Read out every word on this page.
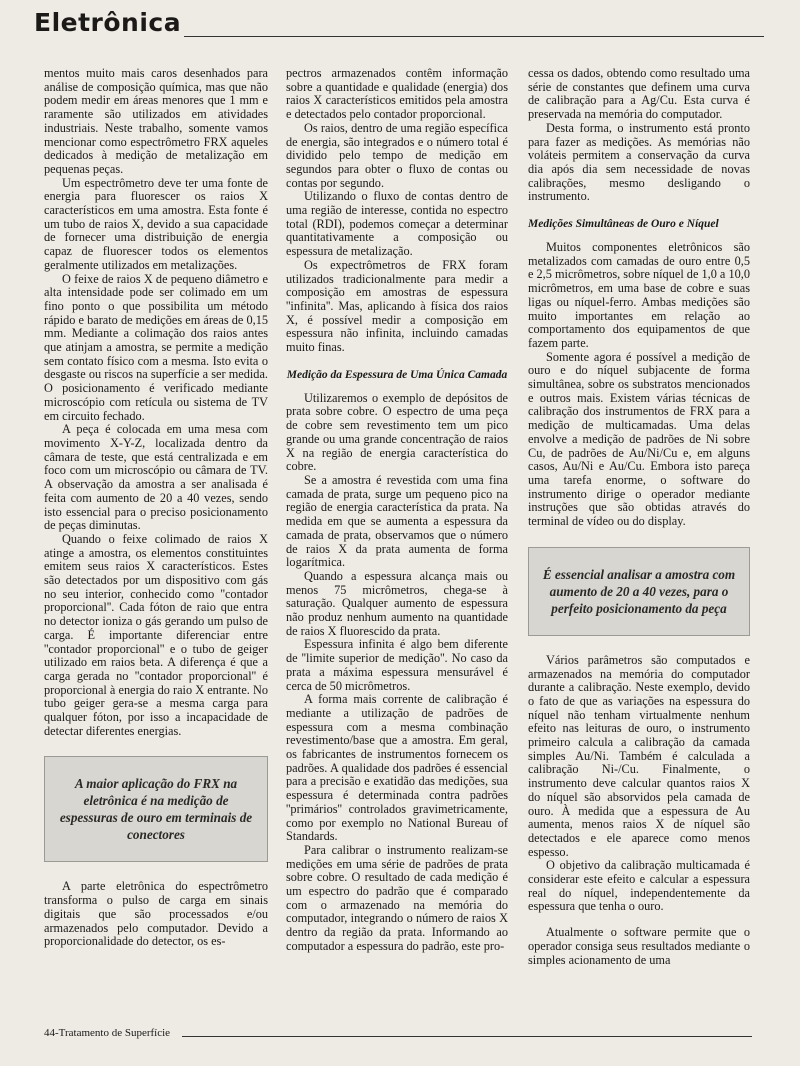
Eletrônica

mentos muito mais caros desenhados para análise de composição química, mas que não podem medir em áreas menores que 1 mm e raramente são utilizados em atividades industriais. Neste trabalho, somente vamos mencionar como espectrômetro FRX aqueles dedicados à medição de metalização em pequenas peças.

Um espectrômetro deve ter uma fonte de energia para fluorescer os raios X característicos em uma amostra. Esta fonte é um tubo de raios X, devido a sua capacidade de fornecer uma distribuição de energia capaz de fluorescer todos os elementos geralmente utilizados em metalizações.

O feixe de raios X de pequeno diâmetro e alta intensidade pode ser colimado em um fino ponto o que possibilita um método rápido e barato de medições em áreas de 0,15 mm. Mediante a colimação dos raios antes que atinjam a amostra, se permite a medição sem contato físico com a mesma. Isto evita o desgaste ou riscos na superfície a ser medida. O posicionamento é verificado mediante microscópio com retícula ou sistema de TV em circuito fechado.

A peça é colocada em uma mesa com movimento X-Y-Z, localizada dentro da câmara de teste, que está centralizada e em foco com um microscópio ou câmara de TV. A observação da amostra a ser analisada é feita com aumento de 20 a 40 vezes, sendo isto essencial para o preciso posicionamento de peças diminutas.

Quando o feixe colimado de raios X atinge a amostra, os elementos constituintes emitem seus raios X característicos. Estes são detectados por um dispositivo com gás no seu interior, conhecido como ''contador proporcional''. Cada fóton de raio que entra no detector ioniza o gás gerando um pulso de carga. É importante diferenciar entre ''contador proporcional'' e o tubo de geiger utilizado em raios beta. A diferença é que a carga gerada no ''contador proporcional'' é proporcional à energia do raio X entrante. No tubo geiger gera-se a mesma carga para qualquer fóton, por isso a incapacidade de detectar diferentes energias.

A maior aplicação do FRX na eletrônica é na medição de espessuras de ouro em terminais de conectores

A parte eletrônica do espectrômetro transforma o pulso de carga em sinais digitais que são processados e/ou armazenados pelo computador. Devido a proporcionalidade do detector, os es-

pectros armazenados contêm informação sobre a quantidade e qualidade (energia) dos raios X característicos emitidos pela amostra e detectados pelo contador proporcional.

Os raios, dentro de uma região específica de energia, são integrados e o número total é dividido pelo tempo de medição em segundos para obter o fluxo de contas ou contas por segundo.

Utilizando o fluxo de contas dentro de uma região de interesse, contida no espectro total (RDI), podemos começar a determinar quantitativamente a composição ou espessura de metalização.

Os expectrômetros de FRX foram utilizados tradicionalmente para medir a composição em amostras de espessura ''infinita''. Mas, aplicando à física dos raios X, é possível medir a composição em espessura não infinita, incluindo camadas muito finas.

Medição da Espessura de Uma Única Camada

Utilizaremos o exemplo de depósitos de prata sobre cobre. O espectro de uma peça de cobre sem revestimento tem um pico grande ou uma grande concentração de raios X na região de energia característica do cobre.

Se a amostra é revestida com uma fina camada de prata, surge um pequeno pico na região de energia característica da prata. Na medida em que se aumenta a espessura da camada de prata, observamos que o número de raios X da prata aumenta de forma logarítmica.

Quando a espessura alcança mais ou menos 75 micrômetros, chega-se à saturação. Qualquer aumento de espessura não produz nenhum aumento na quantidade de raios X fluorescido da prata.

Espessura infinita é algo bem diferente de ''limite superior de medição''. No caso da prata a máxima espessura mensurável é cerca de 50 micrômetros.

A forma mais corrente de calibração é mediante a utilização de padrões de espessura com a mesma combinação revestimento/base que a amostra. Em geral, os fabricantes de instrumentos fornecem os padrões. A qualidade dos padrões é essencial para a precisão e exatidão das medições, sua espessura é determinada contra padrões ''primários'' controlados gravimetricamente, como por exemplo no National Bureau of Standards.

Para calibrar o instrumento realizam-se medições em uma série de padrões de prata sobre cobre. O resultado de cada medição é um espectro do padrão que é comparado com o armazenado na memória do computador, integrando o número de raios X dentro da região da prata. Informando ao computador a espessura do padrão, este pro-

cessa os dados, obtendo como resultado uma série de constantes que definem uma curva de calibração para a Ag/Cu. Esta curva é preservada na memória do computador.

Desta forma, o instrumento está pronto para fazer as medições. As memórias não voláteis permitem a conservação da curva dia após dia sem necessidade de novas calibrações, mesmo desligando o instrumento.

Medições Simultâneas de Ouro e Níquel

Muitos componentes eletrônicos são metalizados com camadas de ouro entre 0,5 e 2,5 micrômetros, sobre níquel de 1,0 a 10,0 micrômetros, em uma base de cobre e suas ligas ou níquel-ferro. Ambas medições são muito importantes em relação ao comportamento dos equipamentos de que fazem parte.

Somente agora é possível a medição de ouro e do níquel subjacente de forma simultânea, sobre os substratos mencionados e outros mais. Existem várias técnicas de calibração dos instrumentos de FRX para a medição de multicamadas. Uma delas envolve a medição de padrões de Ni sobre Cu, de padrões de Au/Ni/Cu e, em alguns casos, Au/Ni e Au/Cu. Embora isto pareça uma tarefa enorme, o software do instrumento dirige o operador mediante instruções que são obtidas através do terminal de vídeo ou do display.

É essencial analisar a amostra com aumento de 20 a 40 vezes, para o perfeito posicionamento da peça

Vários parâmetros são computados e armazenados na memória do computador durante a calibração. Neste exemplo, devido o fato de que as variações na espessura do níquel não tenham virtualmente nenhum efeito nas leituras de ouro, o instrumento primeiro calcula a calibração da camada simples Au/Ni. Também é calculada a calibração Ni-/Cu. Finalmente, o instrumento deve calcular quantos raios X do níquel são absorvidos pela camada de ouro. À medida que a espessura de Au aumenta, menos raios X de níquel são detectados e ele aparece como menos espesso.

O objetivo da calibração multicamada é considerar este efeito e calcular a espessura real do níquel, independentemente da espessura que tenha o ouro.

Atualmente o software permite que o operador consiga seus resultados mediante o simples acionamento de uma

44-Tratamento de Superfície
